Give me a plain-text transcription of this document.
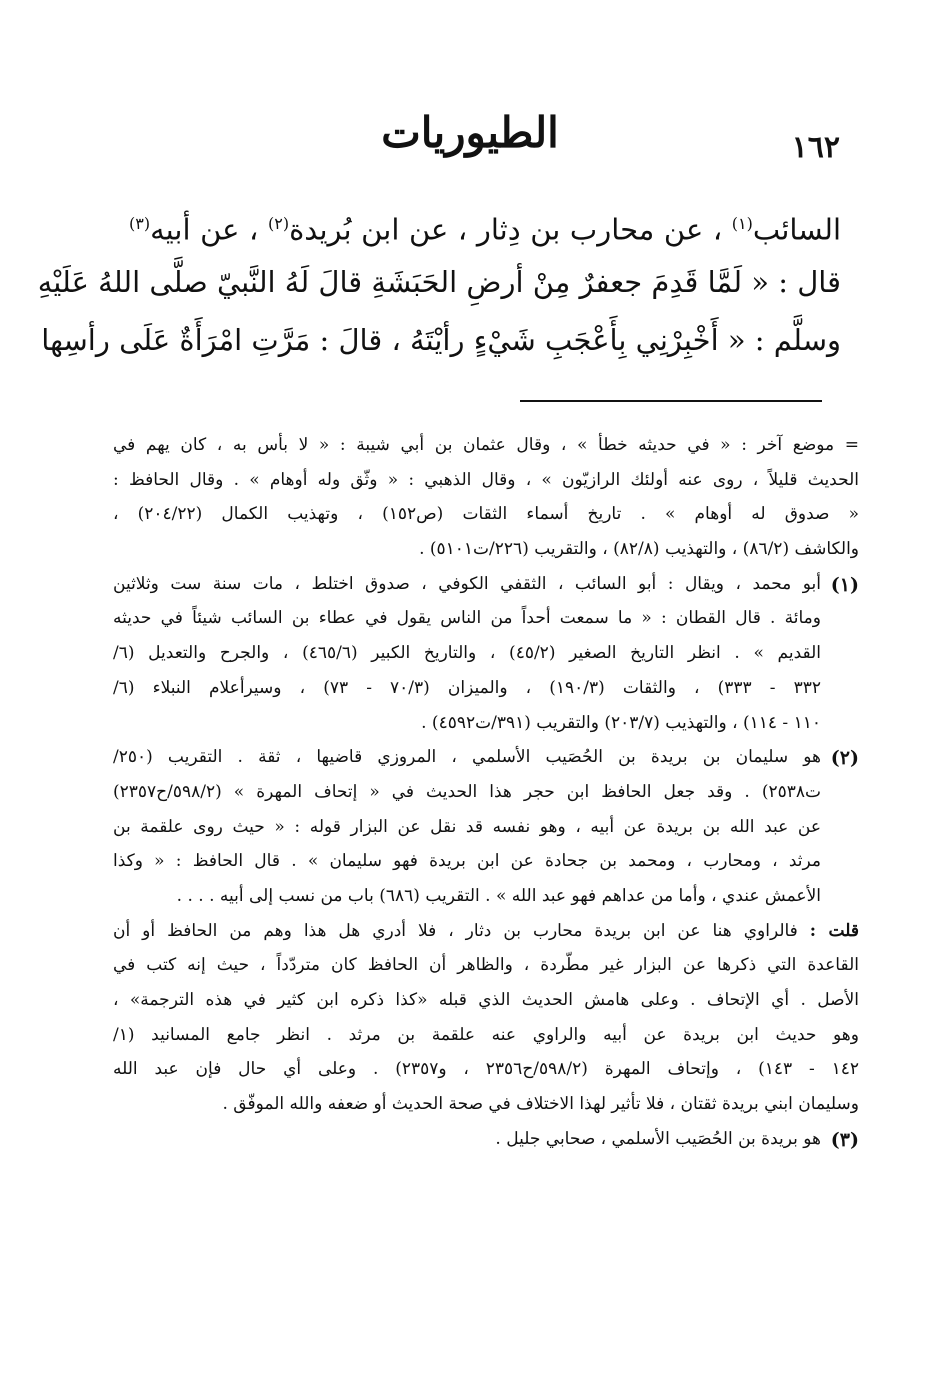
١٦٢
الطيوريات
السائب$^{(١)}$ ، عن محارب بن دِثار ، عن ابن بُريدة$^{(٢)}$ ، عن أبيه$^{(٣)}$
قال : « لَمَّا قَدِمَ جعفرٌ مِنْ أرضِ الحَبَشَةِ قالَ لَهُ النَّبيّ صلَّى اللهُ عَلَيْهِ
وسلَّم : « أَخْبِرْنِي بِأَعْجَبِ شَيْءٍ رأيْتَهُ ، قالَ : مَرَّتِ امْرَأَةٌ عَلَى رأسِها
= موضع آخر : « في حديثه خطأ » ، وقال عثمان بن أبي شيبة : « لا بأس به ، كان يهم في
الحديث قليلاً ، روى عنه أولئك الرازيّون » ، وقال الذهبي : « وثّق وله أوهام » . وقال الحافظ :
« صدوق له أوهام » . تاريخ أسماء الثقات (ص١٥٢) ، وتهذيب الكمال (٢٠٤/٢٢) ،
والكاشف (٨٦/٢) ، والتهذيب (٨٢/٨) ، والتقريب (٢٢٦/ت٥١٠١) .
(١)
أبو محمد ، ويقال : أبو السائب ، الثقفي الكوفي ، صدوق اختلط ، مات سنة ست وثلاثين
ومائة . قال القطان : « ما سمعت أحداً من الناس يقول في عطاء بن السائب شيئاً في حديثه
القديم » . انظر التاريخ الصغير (٤٥/٢) ، والتاريخ الكبير (٤٦٥/٦) ، والجرح والتعديل (٦/
٣٣٢ - ٣٣٣) ، والثقات (١٩٠/٣) ، والميزان (٧٠/٣ - ٧٣) ، وسيرأعلام النبلاء (٦/
١١٠ - ١١٤) ، والتهذيب (٢٠٣/٧) والتقريب (٣٩١/ت٤٥٩٢) .
(٢)
هو سليمان بن بريدة بن الحُصَيب الأسلمي ، المروزي قاضيها ، ثقة . التقريب (٢٥٠/
ت٢٥٣٨) . وقد جعل الحافظ ابن حجر هذا الحديث في « إتحاف المهرة » (٥٩٨/٢/ح٢٣٥٧)
عن عبد الله بن بريدة عن أبيه ، وهو نفسه قد نقل عن البزار قوله : « حيث روى علقمة بن
مرثد ، ومحارب ، ومحمد بن جحادة عن ابن بريدة فهو سليمان » . قال الحافظ : « وكذا
الأعمش عندي ، وأما من عداهم فهو عبد الله » . التقريب (٦٨٦) باب من نسب إلى أبيه . . . .
قلت : فالراوي هنا عن ابن بريدة محارب بن دثار ، فلا أدري هل هذا وهم من الحافظ أو أن
القاعدة التي ذكرها عن البزار غير مطّردة ، والظاهر أن الحافظ كان متردّداً ، حيث إنه كتب في
الأصل . أي الإتحاف . وعلى هامش الحديث الذي قبله «كذا ذكره ابن كثير في هذه الترجمة» ،
وهو حديث ابن بريدة عن أبيه والراوي عنه علقمة بن مرثد . انظر جامع المسانيد (١/
١٤٢ - ١٤٣) ، وإتحاف المهرة (٥٩٨/٢/ح٢٣٥٦ ، و٢٣٥٧) . وعلى أي حال فإن عبد الله
وسليمان ابني بريدة ثقتان ، فلا تأثير لهذا الاختلاف في صحة الحديث أو ضعفه والله الموفّق .
(٣)
هو بريدة بن الحُصَيب الأسلمي ، صحابي جليل .
